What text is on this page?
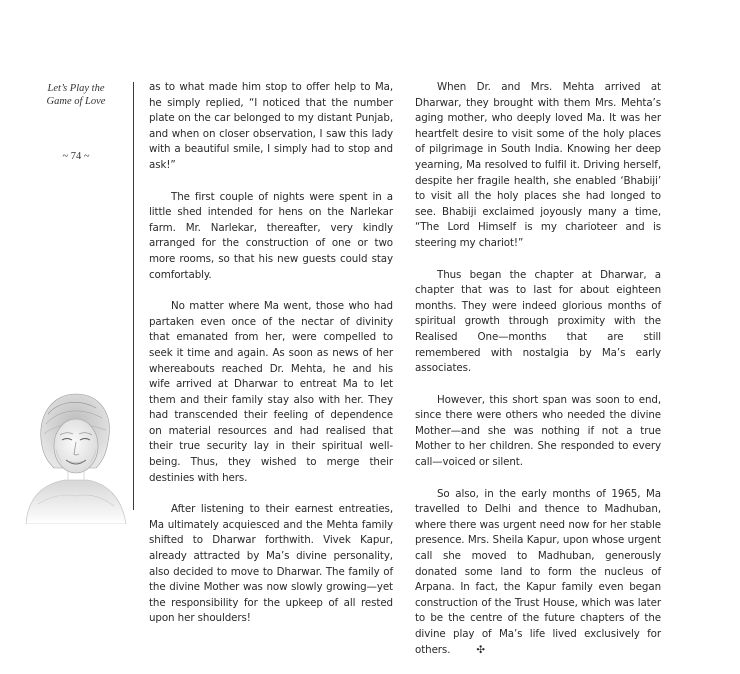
Let’s Play the

Game of Love

~ 74 ~

as to what made him stop to offer help to Ma, he simply replied, “I noticed that the number plate on the car belonged to my distant Punjab, and when on closer observation, I saw this lady with a beautiful smile, I simply had to stop and ask!”

The first couple of nights were spent in a little shed intended for hens on the Narlekar farm. Mr. Narlekar, thereafter, very kindly arranged for the construction of one or two more rooms, so that his new guests could stay comfortably.

No matter where Ma went, those who had partaken even once of the nectar of divinity that emanated from her, were compelled to seek it time and again. As soon as news of her whereabouts reached Dr. Mehta, he and his wife arrived at Dharwar to entreat Ma to let them and their family stay also with her. They had transcended their feeling of dependence on material resources and had realised that their true security lay in their spiritual well-being. Thus, they wished to merge their destinies with hers.

After listening to their earnest entreaties, Ma ultimately acquiesced and the Mehta family shifted to Dharwar forthwith. Vivek Kapur, already attracted by Ma’s divine personality, also decided to move to Dharwar. The family of the divine Mother was now slowly growing—yet the responsibility for the upkeep of all rested upon her shoulders!

When Dr. and Mrs. Mehta arrived at Dharwar, they brought with them Mrs. Mehta’s aging mother, who deeply loved Ma. It was her heartfelt desire to visit some of the holy places of pilgrimage in South India. Knowing her deep yearning, Ma resolved to fulfil it. Driving herself, despite her fragile health, she enabled ‘Bhabiji’ to visit all the holy places she had longed to see. Bhabiji exclaimed joyously many a time, “The Lord Himself is my charioteer and is steering my chariot!”

Thus began the chapter at Dharwar, a chapter that was to last for about eighteen months. They were indeed glorious months of spiritual growth through proximity with the Realised One—months that are still remembered with nostalgia by Ma’s early associates.

However, this short span was soon to end, since there were others who needed the divine Mother—and she was nothing if not a true Mother to her children. She responded to every call—voiced or silent.

So also, in the early months of 1965, Ma travelled to Delhi and thence to Madhuban, where there was urgent need now for her stable presence. Mrs. Sheila Kapur, upon whose urgent call she moved to Madhuban, generously donated some land to form the nucleus of Arpana. In fact, the Kapur family even began construction of the Trust House, which was later to be the centre of the future chapters of the divine play of Ma’s life lived exclusively for others.	✣
